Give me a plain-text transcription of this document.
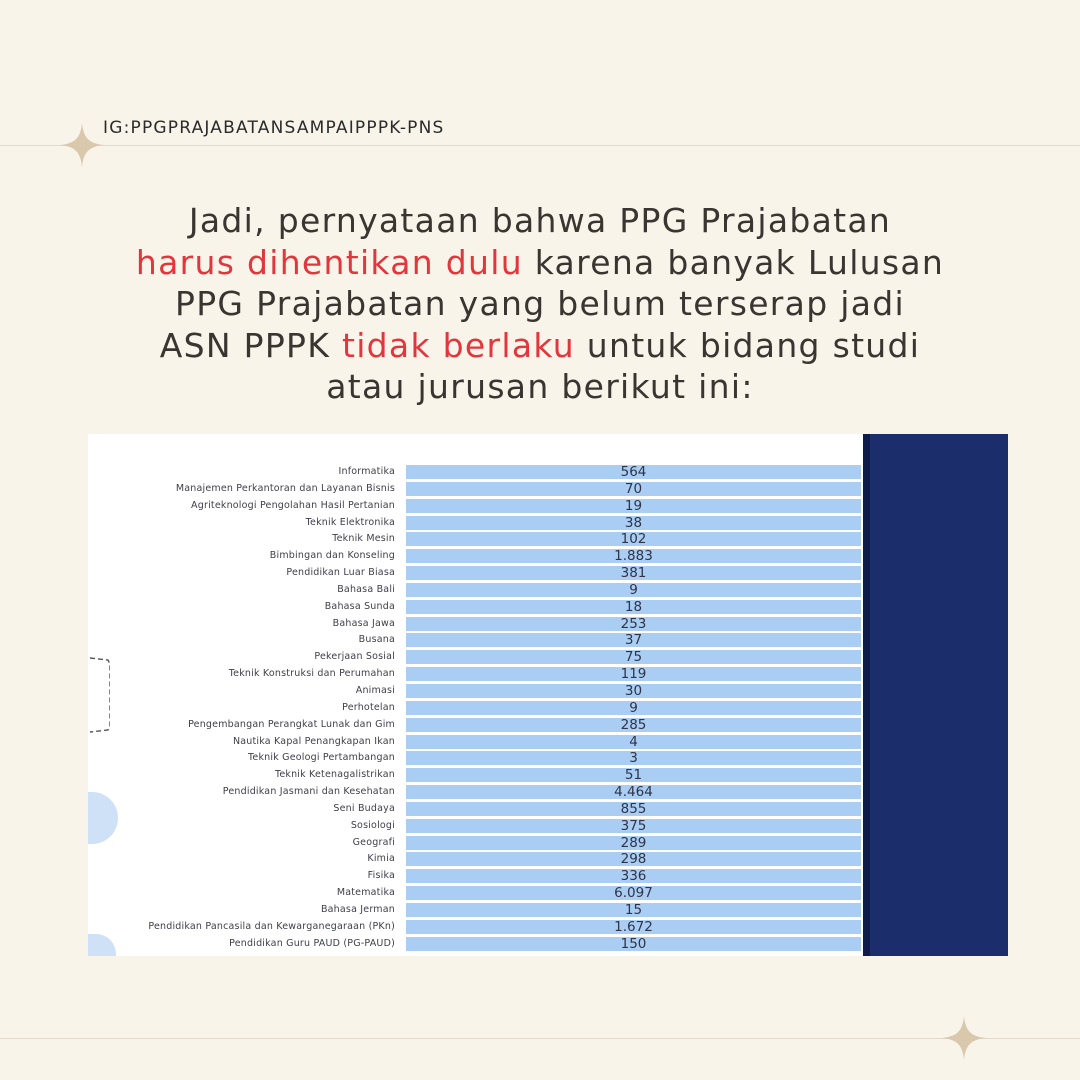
IG:PPGPRAJABATANSAMPAIPPPK-PNS
Jadi, pernyataan bahwa PPG Prajabatan
harus dihentikan dulu karena banyak Lulusan
PPG Prajabatan yang belum terserap jadi
ASN PPPK tidak berlaku untuk bidang studi
atau jurusan berikut ini:
Informatika	564
Manajemen Perkantoran dan Layanan Bisnis	70
Agriteknologi Pengolahan Hasil Pertanian	19
Teknik Elektronika	38
Teknik Mesin	102
Bimbingan dan Konseling	1.883
Pendidikan Luar Biasa	381
Bahasa Bali	9
Bahasa Sunda	18
Bahasa Jawa	253
Busana	37
Pekerjaan Sosial	75
Teknik Konstruksi dan Perumahan	119
Animasi	30
Perhotelan	9
Pengembangan Perangkat Lunak dan Gim	285
Nautika Kapal Penangkapan Ikan	4
Teknik Geologi Pertambangan	3
Teknik Ketenagalistrikan	51
Pendidikan Jasmani dan Kesehatan	4.464
Seni Budaya	855
Sosiologi	375
Geografi	289
Kimia	298
Fisika	336
Matematika	6.097
Bahasa Jerman	15
Pendidikan Pancasila dan Kewarganegaraan (PKn)	1.672
Pendidikan Guru PAUD (PG-PAUD)	150
